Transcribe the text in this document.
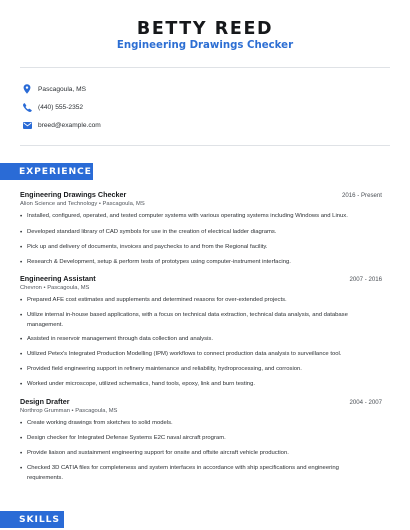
BETTY REED
Engineering Drawings Checker
Pascagoula, MS
(440) 555-2352
breed@example.com
EXPERIENCE
Engineering Drawings Checker	2016 - Present
Alion Science and Technology • Pascagoula, MS
• Installed, configured, operated, and tested computer systems with various operating systems including Windows and Linux.
• Developed standard library of CAD symbols for use in the creation of electrical ladder diagrams.
• Pick up and delivery of documents, invoices and paychecks to and from the Regional facility.
• Research & Development, setup & perform tests of prototypes using computer-instrument interfacing.
Engineering Assistant	2007 - 2016
Chevron • Pascagoula, MS
• Prepared AFE cost estimates and supplements and determined reasons for over-extended projects.
• Utilize internal in-house based applications, with a focus on technical data extraction, technical data analysis, and database management.
• Assisted in reservoir management through data collection and analysis.
• Utilized Petex's Integrated Production Modelling (IPM) workflows to connect production data analysis to surveillance tool.
• Provided field engineering support in refinery maintenance and reliability, hydroprocessing, and corrosion.
• Worked under microscope, utilized schematics, hand tools, epoxy, link and burn testing.
Design Drafter	2004 - 2007
Northrop Grumman • Pascagoula, MS
• Create working drawings from sketches to solid models.
• Design checker for Integrated Defense Systems E2C naval aircraft program.
• Provide liaison and sustainment engineering support for onsite and offsite aircraft vehicle production.
• Checked 3D CATIA files for completeness and system interfaces in accordance with ship specifications and engineering requirements.
SKILLS
